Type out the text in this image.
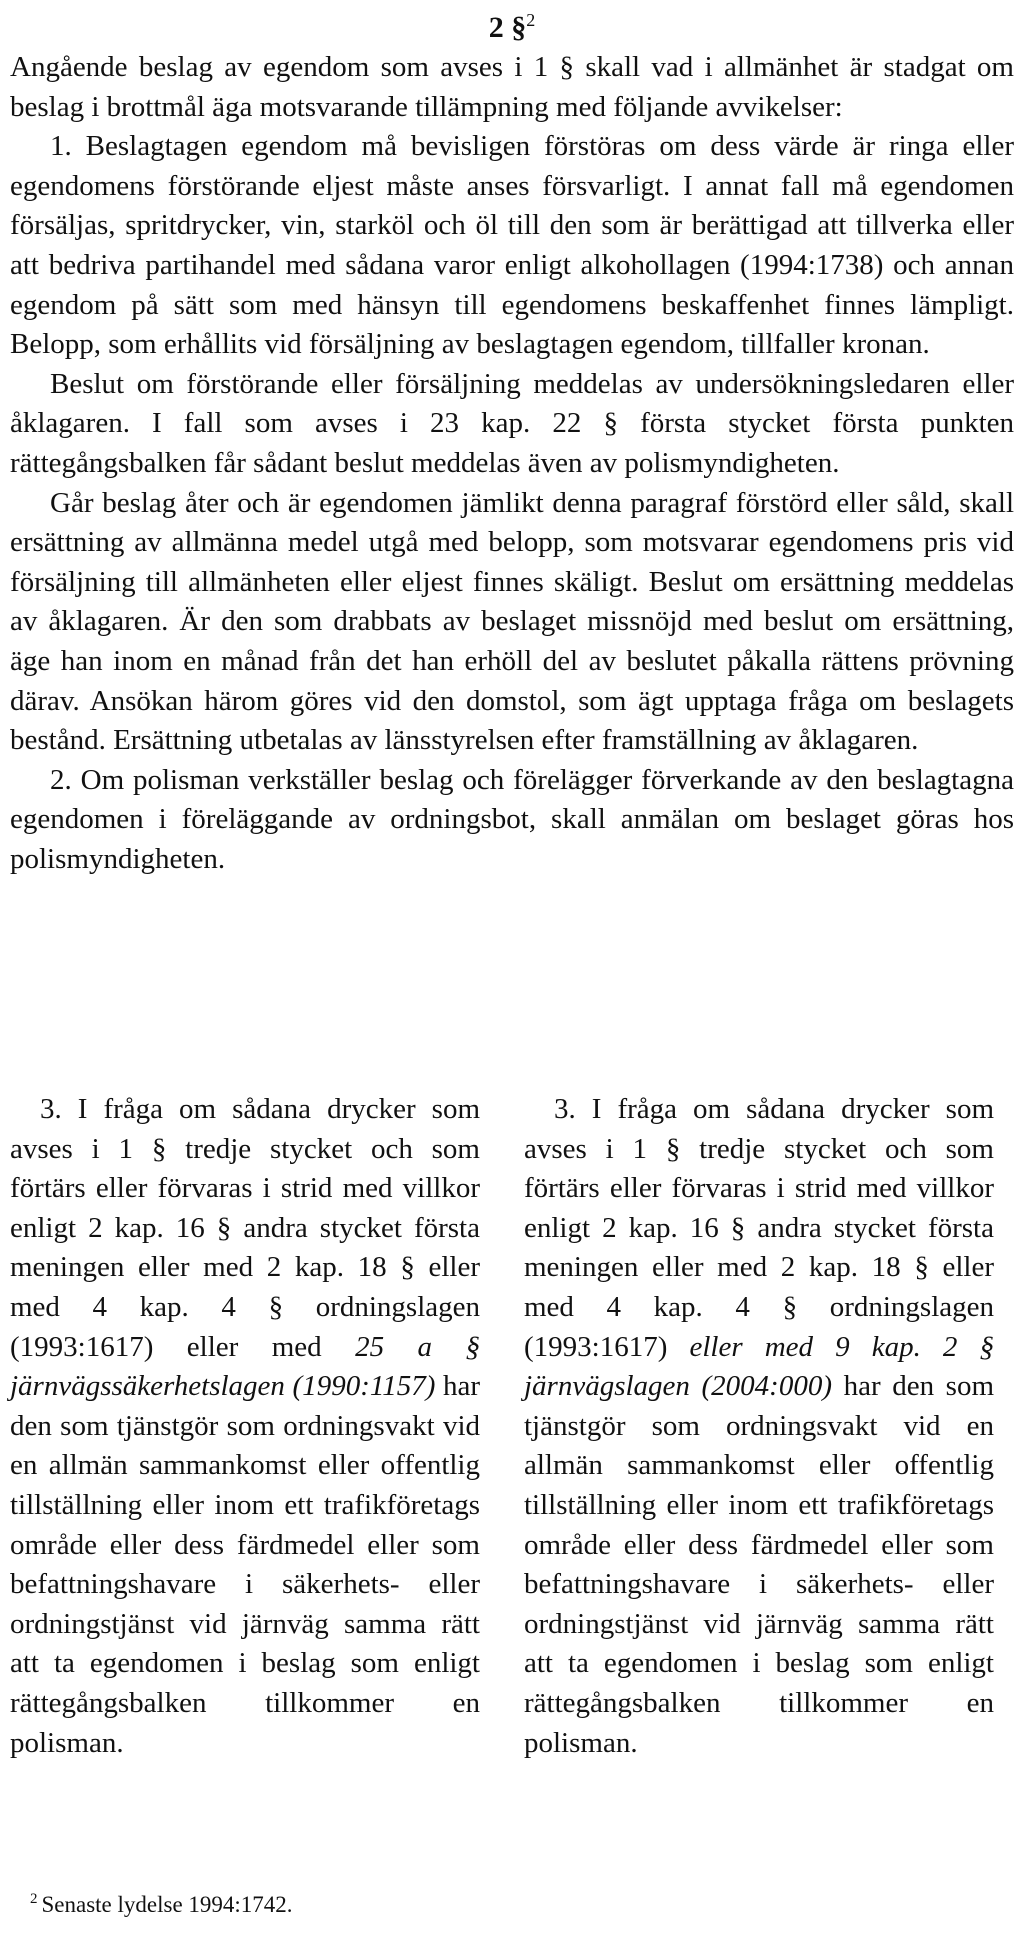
2 §$^2$

Angående beslag av egendom som avses i 1 § skall vad i allmänhet är stadgat om beslag i brottmål äga motsvarande tillämpning med följande avvikelser:

1. Beslagtagen egendom må bevisligen förstöras om dess värde är ringa eller egendomens förstörande eljest måste anses försvarligt. I annat fall må egendomen försäljas, spritdrycker, vin, starköl och öl till den som är berättigad att tillverka eller att bedriva partihandel med sådana varor enligt alkohollagen (1994:1738) och annan egendom på sätt som med hänsyn till egendomens beskaffenhet finnes lämpligt. Belopp, som erhållits vid försäljning av beslagtagen egendom, tillfaller kronan.

Beslut om förstörande eller försäljning meddelas av undersökningsledaren eller åklagaren. I fall som avses i 23 kap. 22 § första stycket första punkten rättegångsbalken får sådant beslut meddelas även av polismyndigheten.

Går beslag åter och är egendomen jämlikt denna paragraf förstörd eller såld, skall ersättning av allmänna medel utgå med belopp, som motsvarar egendomens pris vid försäljning till allmänheten eller eljest finnes skäligt. Beslut om ersättning meddelas av åklagaren. Är den som drabbats av beslaget missnöjd med beslut om ersättning, äge han inom en månad från det han erhöll del av beslutet påkalla rättens prövning därav. Ansökan härom göres vid den domstol, som ägt upptaga fråga om beslagets bestånd. Ersättning utbetalas av länsstyrelsen efter framställning av åklagaren.

2. Om polisman verkställer beslag och förelägger förverkande av den beslagtagna egendomen i föreläggande av ordningsbot, skall anmälan om beslaget göras hos polismyndigheten.

3. I fråga om sådana drycker som avses i 1 § tredje stycket och som förtärs eller förvaras i strid med villkor enligt 2 kap. 16 § andra stycket första meningen eller med 2 kap. 18 § eller med 4 kap. 4 § ordningslagen (1993:1617) eller med 25 a § järnvägssäkerhetslagen (1990:1157) har den som tjänstgör som ordningsvakt vid en allmän sammankomst eller offentlig tillställning eller inom ett trafikföretags område eller dess färdmedel eller som befattningshavare i säkerhets- eller ordningstjänst vid järnväg samma rätt att ta egendomen i beslag som enligt rättegångsbalken tillkommer en polisman.

3. I fråga om sådana drycker som avses i 1 § tredje stycket och som förtärs eller förvaras i strid med villkor enligt 2 kap. 16 § andra stycket första meningen eller med 2 kap. 18 § eller med 4 kap. 4 § ordningslagen (1993:1617) eller med 9 kap. 2 § järnvägslagen (2004:000) har den som tjänstgör som ordningsvakt vid en allmän sammankomst eller offentlig tillställning eller inom ett trafikföretags område eller dess färdmedel eller som befattningshavare i säkerhets- eller ordningstjänst vid järnväg samma rätt att ta egendomen i beslag som enligt rättegångsbalken tillkommer en polisman.

$^2$ Senaste lydelse 1994:1742.
